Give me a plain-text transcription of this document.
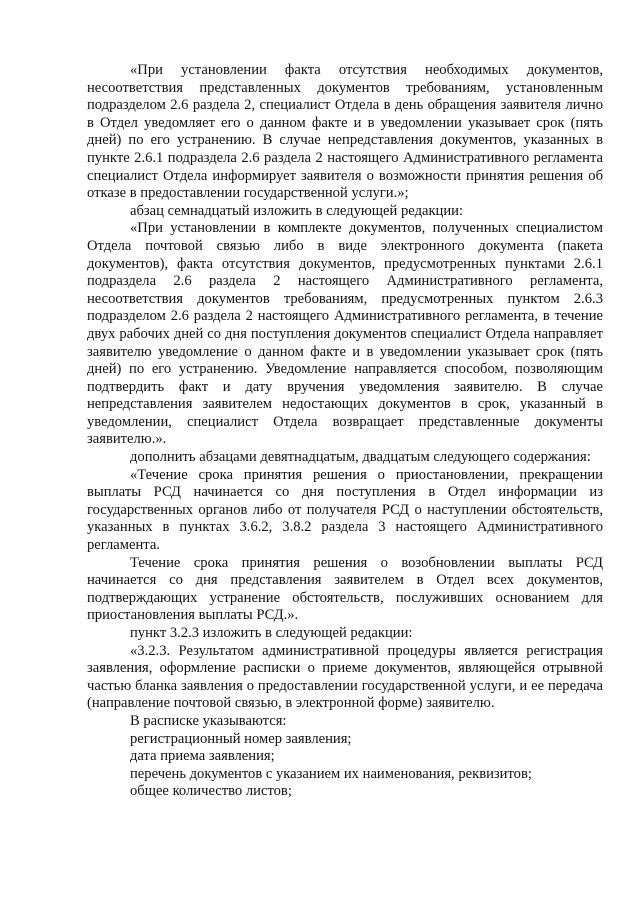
«При установлении факта отсутствия необходимых документов, несоответствия представленных документов требованиям, установленным подразделом 2.6 раздела 2, специалист Отдела в день обращения заявителя лично в Отдел уведомляет его о данном факте и в уведомлении указывает срок (пять дней) по его устранению. В случае непредставления документов, указанных в пункте 2.6.1 подраздела 2.6 раздела 2 настоящего Административного регламента специалист Отдела информирует заявителя о возможности принятия решения об отказе в предоставлении государственной услуги.»;

абзац семнадцатый изложить в следующей редакции:

«При установлении в комплекте документов, полученных специалистом Отдела почтовой связью либо в виде электронного документа (пакета документов), факта отсутствия документов, предусмотренных пунктами 2.6.1 подраздела 2.6 раздела 2 настоящего Административного регламента, несоответствия документов требованиям, предусмотренных пунктом 2.6.3 подразделом 2.6 раздела 2 настоящего Административного регламента, в течение двух рабочих дней со дня поступления документов специалист Отдела направляет заявителю уведомление о данном факте и в уведомлении указывает срок (пять дней) по его устранению. Уведомление направляется способом, позволяющим подтвердить факт и дату вручения уведомления заявителю. В случае непредставления заявителем недостающих документов в срок, указанный в уведомлении, специалист Отдела возвращает представленные документы заявителю.».

дополнить абзацами девятнадцатым, двадцатым следующего содержания:

«Течение срока принятия решения о приостановлении, прекращении выплаты РСД начинается со дня поступления в Отдел информации из государственных органов либо от получателя РСД о наступлении обстоятельств, указанных в пунктах 3.6.2, 3.8.2 раздела 3 настоящего Административного регламента.

Течение срока принятия решения о возобновлении выплаты РСД начинается со дня представления заявителем в Отдел всех документов, подтверждающих устранение обстоятельств, послуживших основанием для приостановления выплаты РСД.».

пункт 3.2.3 изложить в следующей редакции:

«3.2.3. Результатом административной процедуры является регистрация заявления, оформление расписки о приеме документов, являющейся отрывной частью бланка заявления о предоставлении государственной услуги, и ее передача (направление почтовой связью, в электронной форме) заявителю.

В расписке указываются:

регистрационный номер заявления;

дата приема заявления;

перечень документов с указанием их наименования, реквизитов;

общее количество листов;
